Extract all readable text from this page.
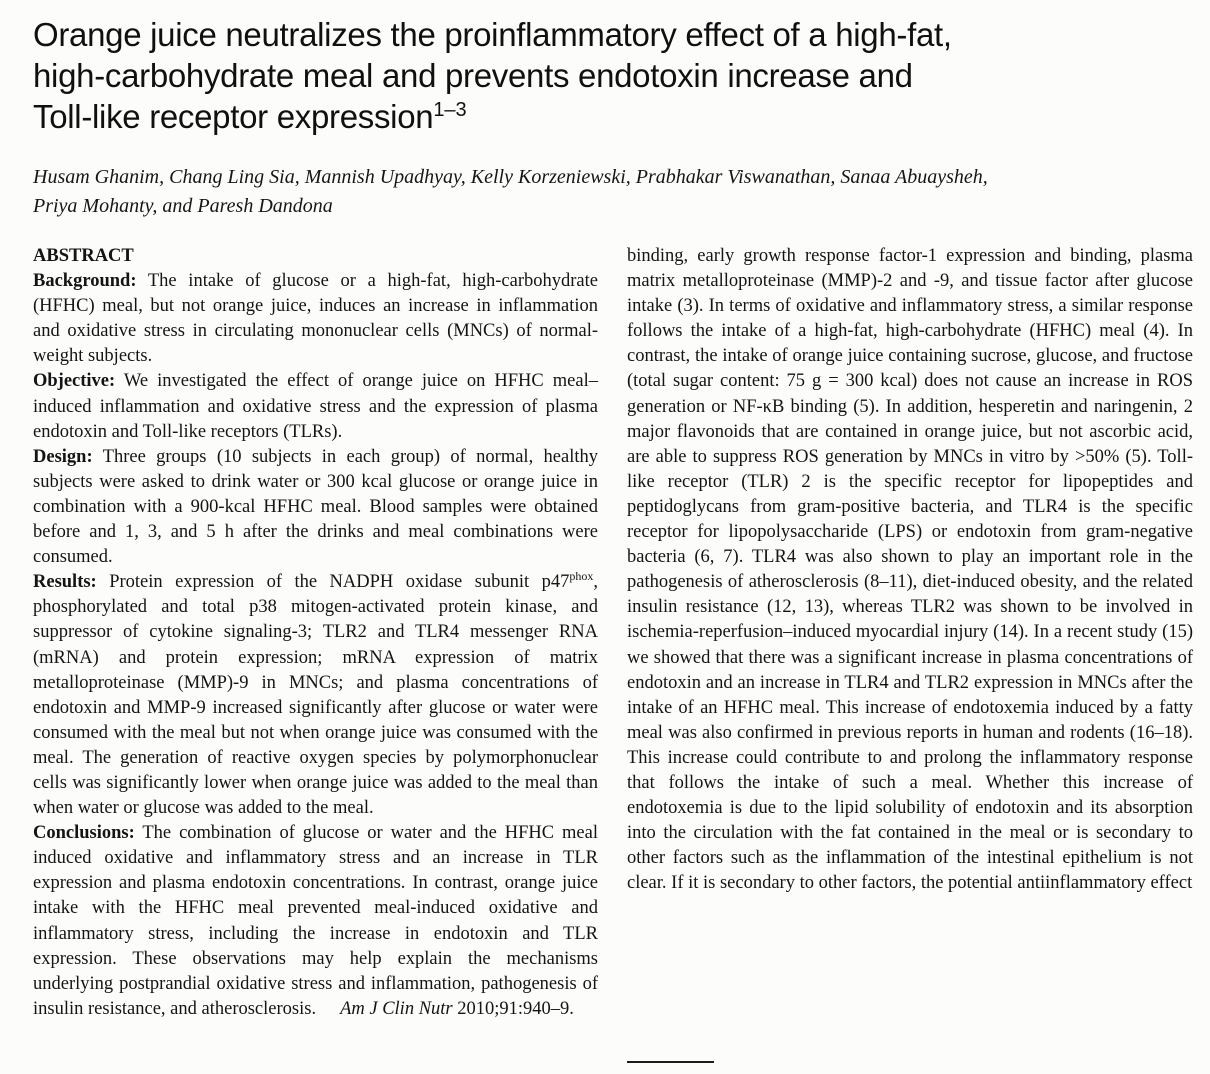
Orange juice neutralizes the proinflammatory effect of a high-fat,
high-carbohydrate meal and prevents endotoxin increase and
Toll-like receptor expression$^{1-3}$
Husam Ghanim, Chang Ling Sia, Mannish Upadhyay, Kelly Korzeniewski, Prabhakar Viswanathan, Sanaa Abuaysheh,
Priya Mohanty, and Paresh Dandona

ABSTRACT

Background: The intake of glucose or a high-fat, high-carbohydrate (HFHC) meal, but not orange juice, induces an increase in inflammation and oxidative stress in circulating mononuclear cells (MNCs) of normal-weight subjects.

Objective: We investigated the effect of orange juice on HFHC meal–induced inflammation and oxidative stress and the expression of plasma endotoxin and Toll-like receptors (TLRs).

Design: Three groups (10 subjects in each group) of normal, healthy subjects were asked to drink water or 300 kcal glucose or orange juice in combination with a 900-kcal HFHC meal. Blood samples were obtained before and 1, 3, and 5 h after the drinks and meal combinations were consumed.

Results: Protein expression of the NADPH oxidase subunit $p47^{phox}$, phosphorylated and total p38 mitogen-activated protein kinase, and suppressor of cytokine signaling-3; TLR2 and TLR4 messenger RNA (mRNA) and protein expression; mRNA expression of matrix metalloproteinase (MMP)-9 in MNCs; and plasma concentrations of endotoxin and MMP-9 increased significantly after glucose or water were consumed with the meal but not when orange juice was consumed with the meal. The generation of reactive oxygen species by polymorphonuclear cells was significantly lower when orange juice was added to the meal than when water or glucose was added to the meal.

Conclusions: The combination of glucose or water and the HFHC meal induced oxidative and inflammatory stress and an increase in TLR expression and plasma endotoxin concentrations. In contrast, orange juice intake with the HFHC meal prevented meal-induced oxidative and inflammatory stress, including the increase in endotoxin and TLR expression. These observations may help explain the mechanisms underlying postprandial oxidative stress and inflammation, pathogenesis of insulin resistance, and atherosclerosis. Am J Clin Nutr 2010;91:940–9.

binding, early growth response factor-1 expression and binding, plasma matrix metalloproteinase (MMP)-2 and -9, and tissue factor after glucose intake (3). In terms of oxidative and inflammatory stress, a similar response follows the intake of a high-fat, high-carbohydrate (HFHC) meal (4). In contrast, the intake of orange juice containing sucrose, glucose, and fructose (total sugar content: 75 g = 300 kcal) does not cause an increase in ROS generation or NF-κB binding (5). In addition, hesperetin and naringenin, 2 major flavonoids that are contained in orange juice, but not ascorbic acid, are able to suppress ROS generation by MNCs in vitro by >50% (5). Toll-like receptor (TLR) 2 is the specific receptor for lipopeptides and peptidoglycans from gram-positive bacteria, and TLR4 is the specific receptor for lipopolysaccharide (LPS) or endotoxin from gram-negative bacteria (6, 7). TLR4 was also shown to play an important role in the pathogenesis of atherosclerosis (8–11), diet-induced obesity, and the related insulin resistance (12, 13), whereas TLR2 was shown to be involved in ischemia-reperfusion–induced myocardial injury (14). In a recent study (15) we showed that there was a significant increase in plasma concentrations of endotoxin and an increase in TLR4 and TLR2 expression in MNCs after the intake of an HFHC meal. This increase of endotoxemia induced by a fatty meal was also confirmed in previous reports in human and rodents (16–18). This increase could contribute to and prolong the inflammatory response that follows the intake of such a meal. Whether this increase of endotoxemia is due to the lipid solubility of endotoxin and its absorption into the circulation with the fat contained in the meal or is secondary to other factors such as the inflammation of the intestinal epithelium is not clear. If it is secondary to other factors, the potential antiinflammatory effect
